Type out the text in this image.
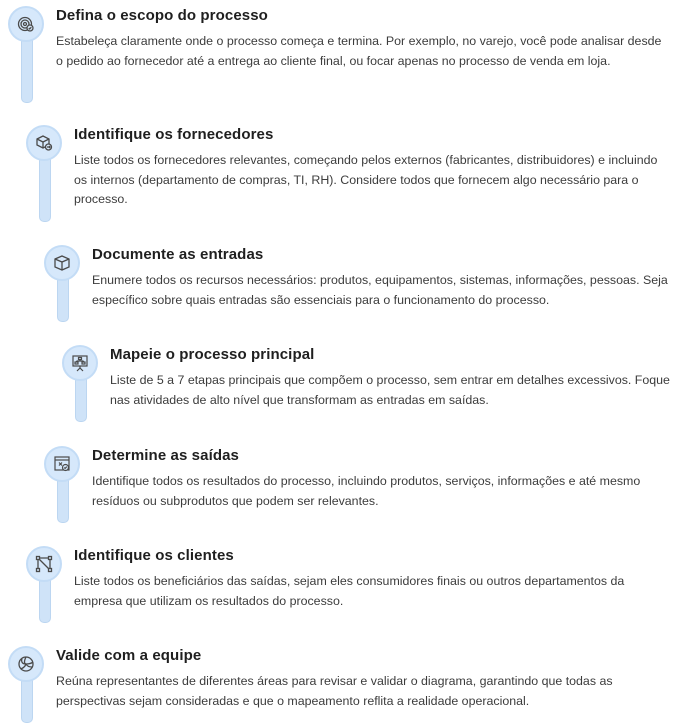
Defina o escopo do processo

Estabeleça claramente onde o processo começa e termina. Por exemplo, no varejo, você pode analisar desde o pedido ao fornecedor até a entrega ao cliente final, ou focar apenas no processo de venda em loja.

Identifique os fornecedores

Liste todos os fornecedores relevantes, começando pelos externos (fabricantes, distribuidores) e incluindo os internos (departamento de compras, TI, RH). Considere todos que fornecem algo necessário para o processo.

Documente as entradas

Enumere todos os recursos necessários: produtos, equipamentos, sistemas, informações, pessoas. Seja específico sobre quais entradas são essenciais para o funcionamento do processo.

Mapeie o processo principal

Liste de 5 a 7 etapas principais que compõem o processo, sem entrar em detalhes excessivos. Foque nas atividades de alto nível que transformam as entradas em saídas.

Determine as saídas

Identifique todos os resultados do processo, incluindo produtos, serviços, informações e até mesmo resíduos ou subprodutos que podem ser relevantes.

Identifique os clientes

Liste todos os beneficiários das saídas, sejam eles consumidores finais ou outros departamentos da empresa que utilizam os resultados do processo.

Valide com a equipe

Reúna representantes de diferentes áreas para revisar e validar o diagrama, garantindo que todas as perspectivas sejam consideradas e que o mapeamento reflita a realidade operacional.
